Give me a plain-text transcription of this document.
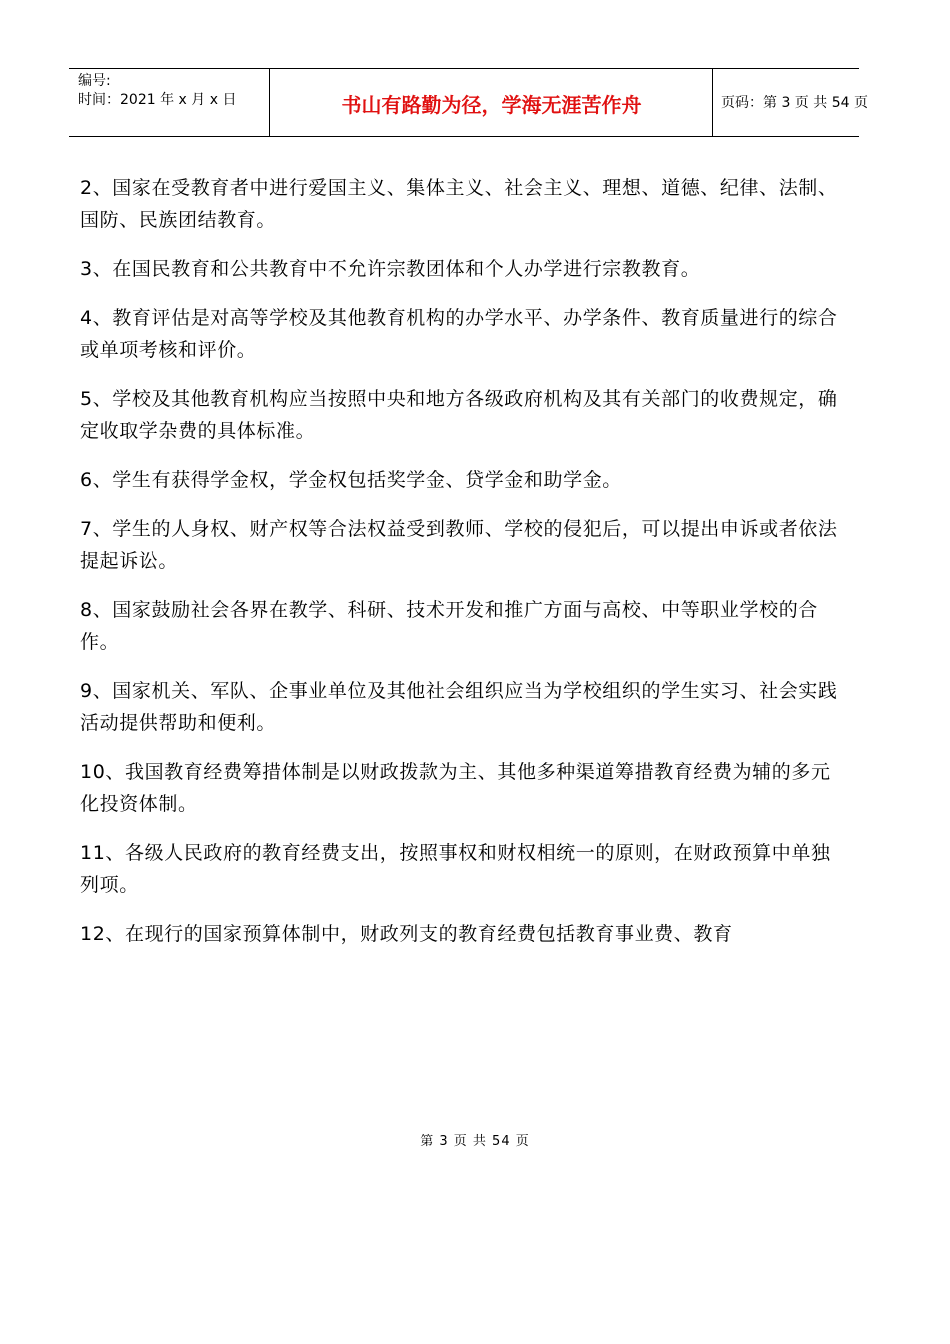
编号:
时间：2021 年 x 月 x 日	书山有路勤为径，学海无涯苦作舟	页码：第 3 页 共 54 页

2、国家在受教育者中进行爱国主义、集体主义、社会主义、理想、道德、纪律、法制、国防、民族团结教育。

3、在国民教育和公共教育中不允许宗教团体和个人办学进行宗教教育。

4、教育评估是对高等学校及其他教育机构的办学水平、办学条件、教育质量进行的综合或单项考核和评价。

5、学校及其他教育机构应当按照中央和地方各级政府机构及其有关部门的收费规定，确定收取学杂费的具体标准。

6、学生有获得学金权，学金权包括奖学金、贷学金和助学金。

7、学生的人身权、财产权等合法权益受到教师、学校的侵犯后，可以提出申诉或者依法提起诉讼。

8、国家鼓励社会各界在教学、科研、技术开发和推广方面与高校、中等职业学校的合作。

9、国家机关、军队、企事业单位及其他社会组织应当为学校组织的学生实习、社会实践活动提供帮助和便利。

10、我国教育经费筹措体制是以财政拨款为主、其他多种渠道筹措教育经费为辅的多元化投资体制。

11、各级人民政府的教育经费支出，按照事权和财权相统一的原则，在财政预算中单独列项。

12、在现行的国家预算体制中，财政列支的教育经费包括教育事业费、教育

第 3 页 共 54 页
